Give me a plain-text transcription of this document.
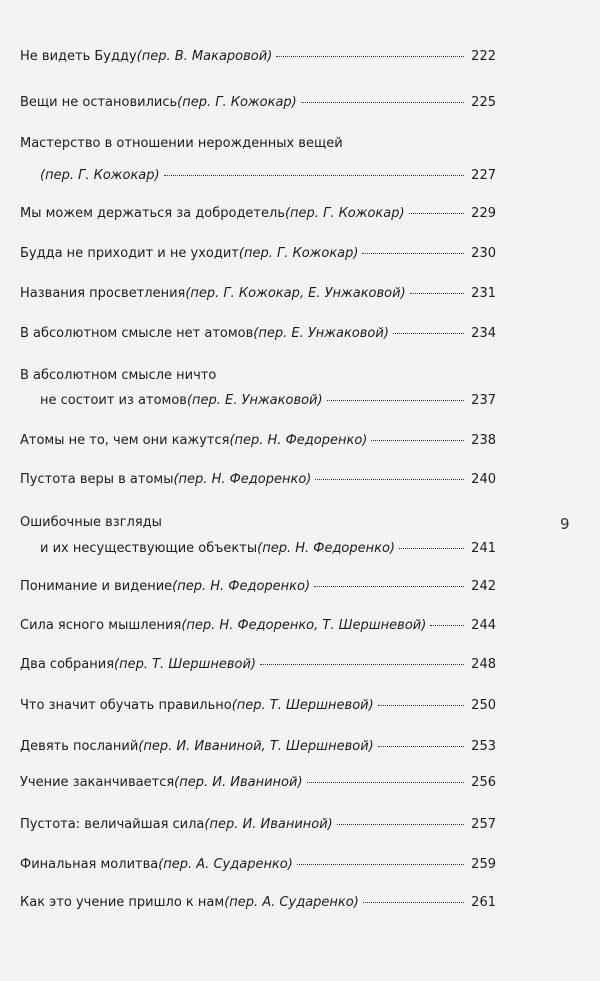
Не видеть Будду (пер. В. Макаровой)	222
Вещи не остановились (пер. Г. Кожокар)	225
Мастерство в отношении нерожденных вещей
(пер. Г. Кожокар)	227
Мы можем держаться за добродетель (пер. Г. Кожокар)	229
Будда не приходит и не уходит (пер. Г. Кожокар)	230
Названия просветления (пер. Г. Кожокар, Е. Унжаковой)	231
В абсолютном смысле нет атомов (пер. Е. Унжаковой)	234
В абсолютном смысле ничто
не состоит из атомов (пер. Е. Унжаковой)	237
Атомы не то, чем они кажутся (пер. Н. Федоренко)	238
Пустота веры в атомы (пер. Н. Федоренко)	240
Ошибочные взгляды
и их несуществующие объекты (пер. Н. Федоренко)	241
Понимание и видение (пер. Н. Федоренко)	242
Сила ясного мышления (пер. Н. Федоренко, Т. Шершневой)	244
Два собрания (пер. Т. Шершневой)	248
Что значит обучать правильно (пер. Т. Шершневой)	250
Девять посланий (пер. И. Иваниной, Т. Шершневой)	253
Учение заканчивается (пер. И. Иваниной)	256
Пустота: величайшая сила (пер. И. Иваниной)	257
Финальная молитва (пер. А. Сударенко)	259
Как это учение пришло к нам (пер. А. Сударенко)	261
9
